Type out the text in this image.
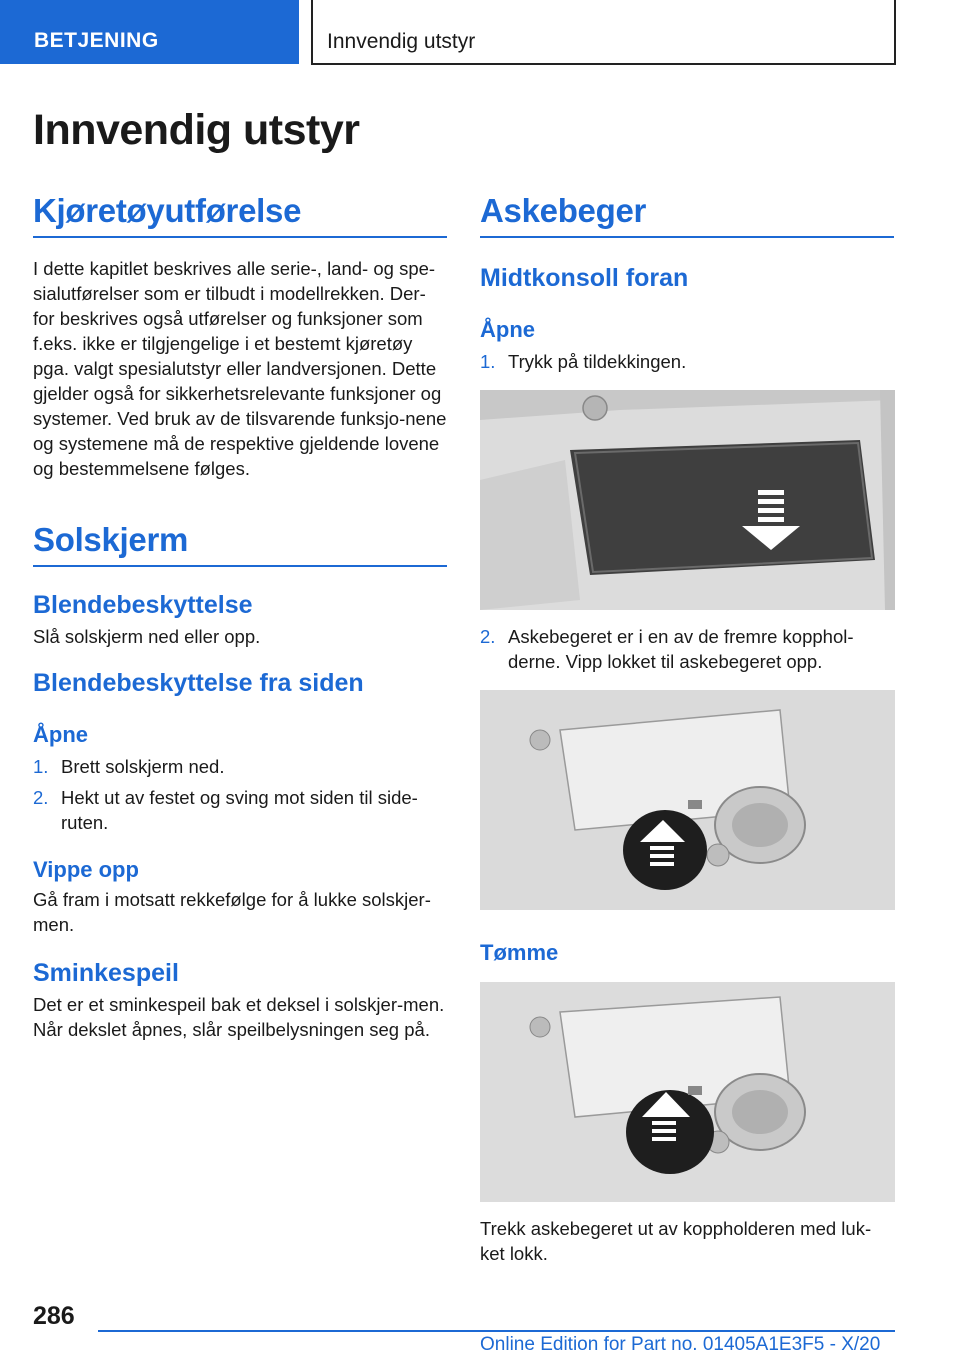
BETJENING	Innvendig utstyr
Innvendig utstyr
Kjøretøyutførelse

I dette kapitlet beskrives alle serie-, land- og spe-sialutførelser som er tilbudt i modellrekken. Der-for beskrives også utførelser og funksjoner som f.eks. ikke er tilgjengelige i et bestemt kjøretøy pga. valgt spesialutstyr eller landversjonen. Dette gjelder også for sikkerhetsrelevante funksjoner og systemer. Ved bruk av de tilsvarende funksjo-nene og systemene må de respektive gjeldende lovene og bestemmelsene følges.

Solskjerm
Blendebeskyttelse

Slå solskjerm ned eller opp.

Blendebeskyttelse fra siden
Åpne
1. Brett solskjerm ned.
2. Hekt ut av festet og sving mot siden til side-ruten.
Vippe opp

Gå fram i motsatt rekkefølge for å lukke solskjer-men.

Sminkespeil

Det er et sminkespeil bak et deksel i solskjer-men. Når dekslet åpnes, slår speilbelysningen seg på.

Askebeger
Midtkonsoll foran
Åpne
1. Trykk på tildekkingen.
2. Askebegeret er i en av de fremre kopphol-derne. Vipp lokket til askebegeret opp.
Tømme

Trekk askebegeret ut av koppholderen med luk-ket lokk.

286
Online Edition for Part no. 01405A1E3F5 - X/20
